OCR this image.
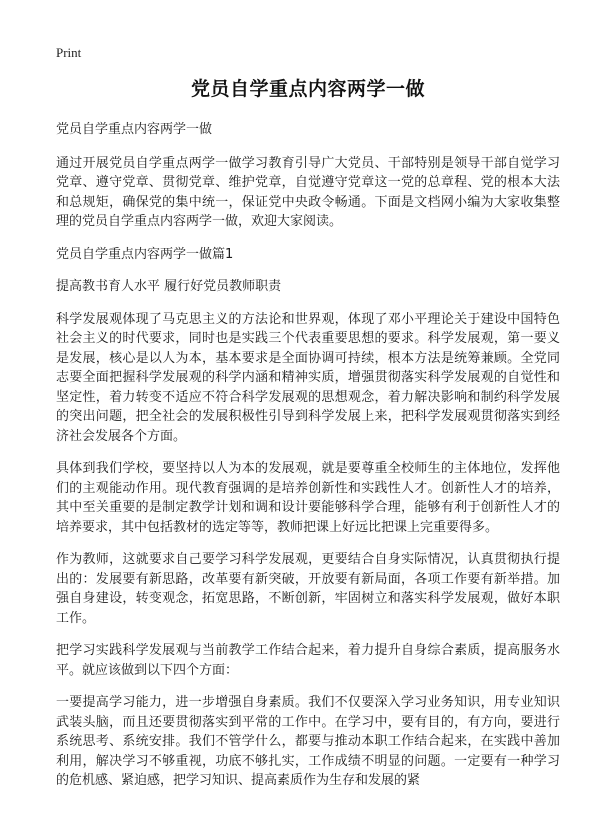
Print
党员自学重点内容两学一做
党员自学重点内容两学一做
通过开展党员自学重点两学一做学习教育引导广大党员、干部特别是领导干部自觉学习党章、遵守党章、贯彻党章、维护党章，自觉遵守党章这一党的总章程、党的根本大法和总规矩，确保党的集中统一，保证党中央政令畅通。下面是文档网小编为大家收集整理的党员自学重点内容两学一做，欢迎大家阅读。
党员自学重点内容两学一做篇1
提高教书育人水平 履行好党员教师职责
科学发展观体现了马克思主义的方法论和世界观，体现了邓小平理论关于建设中国特色社会主义的时代要求，同时也是实践三个代表重要思想的要求。科学发展观，第一要义是发展，核心是以人为本，基本要求是全面协调可持续，根本方法是统筹兼顾。全党同志要全面把握科学发展观的科学内涵和精神实质，增强贯彻落实科学发展观的自觉性和坚定性，着力转变不适应不符合科学发展观的思想观念，着力解决影响和制约科学发展的突出问题，把全社会的发展积极性引导到科学发展上来，把科学发展观贯彻落实到经济社会发展各个方面。
具体到我们学校，要坚持以人为本的发展观，就是要尊重全校师生的主体地位，发挥他们的主观能动作用。现代教育强调的是培养创新性和实践性人才。创新性人才的培养，其中至关重要的是制定教学计划和调和设计要能够科学合理，能够有利于创新性人才的培养要求，其中包括教材的选定等等，教师把课上好远比把课上完重要得多。
作为教师，这就要求自己要学习科学发展观，更要结合自身实际情况，认真贯彻执行提出的：发展要有新思路，改革要有新突破，开放要有新局面，各项工作要有新举措。加强自身建设，转变观念，拓宽思路，不断创新，牢固树立和落实科学发展观，做好本职工作。
把学习实践科学发展观与当前教学工作结合起来，着力提升自身综合素质，提高服务水平。就应该做到以下四个方面：
一要提高学习能力，进一步增强自身素质。我们不仅要深入学习业务知识，用专业知识武装头脑，而且还要贯彻落实到平常的工作中。在学习中，要有目的，有方向，要进行系统思考、系统安排。我们不管学什么，都要与推动本职工作结合起来，在实践中善加利用，解决学习不够重视，功底不够扎实，工作成绩不明显的问题。一定要有一种学习的危机感、紧迫感，把学习知识、提高素质作为生存和发展的紧
